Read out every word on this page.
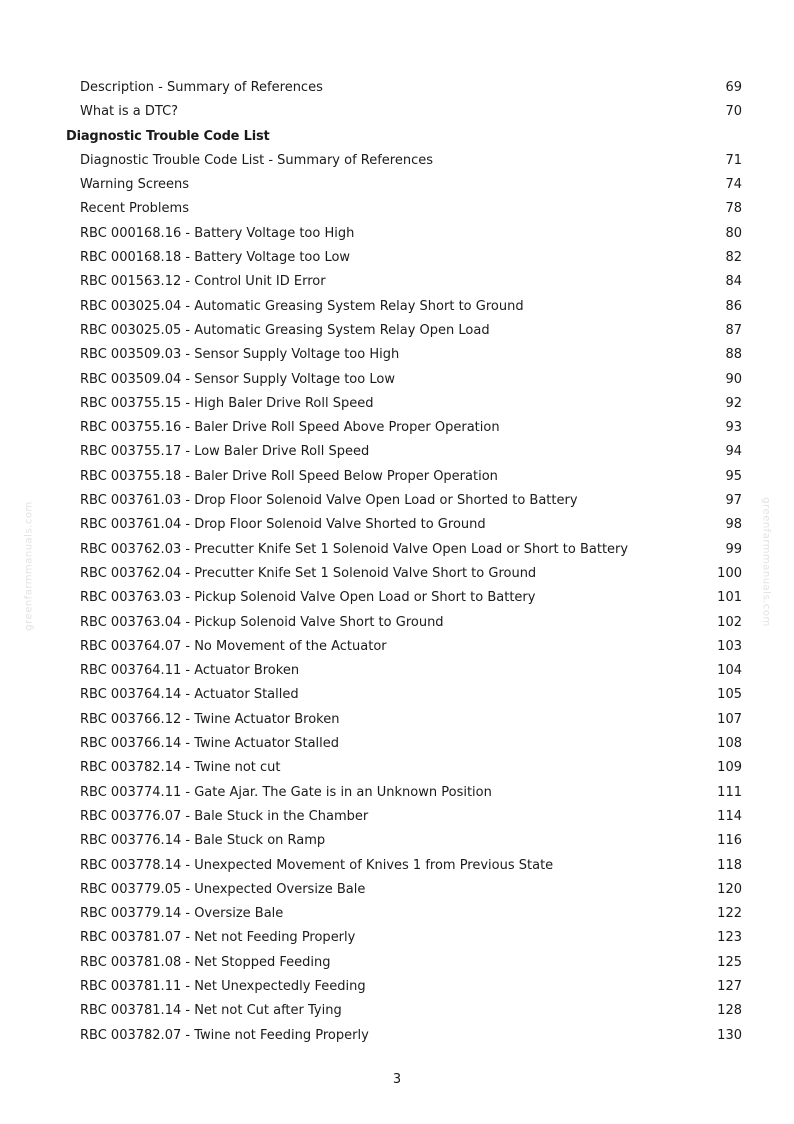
greenfarmmanuals.com	greenfarmmanuals.com
Description - Summary of References	69
What is a DTC?	70
Diagnostic Trouble Code List
Diagnostic Trouble Code List - Summary of References	71
Warning Screens	74
Recent Problems	78
RBC 000168.16 - Battery Voltage too High	80
RBC 000168.18 - Battery Voltage too Low	82
RBC 001563.12 - Control Unit ID Error	84
RBC 003025.04 - Automatic Greasing System Relay Short to Ground	86
RBC 003025.05 - Automatic Greasing System Relay Open Load	87
RBC 003509.03 - Sensor Supply Voltage too High	88
RBC 003509.04 - Sensor Supply Voltage too Low	90
RBC 003755.15 - High Baler Drive Roll Speed	92
RBC 003755.16 - Baler Drive Roll Speed Above Proper Operation	93
RBC 003755.17 - Low Baler Drive Roll Speed	94
RBC 003755.18 - Baler Drive Roll Speed Below Proper Operation	95
RBC 003761.03 - Drop Floor Solenoid Valve Open Load or Shorted to Battery	97
RBC 003761.04 - Drop Floor Solenoid Valve Shorted to Ground	98
RBC 003762.03 - Precutter Knife Set 1 Solenoid Valve Open Load or Short to Battery	99
RBC 003762.04 - Precutter Knife Set 1 Solenoid Valve Short to Ground	100
RBC 003763.03 - Pickup Solenoid Valve Open Load or Short to Battery	101
RBC 003763.04 - Pickup Solenoid Valve Short to Ground	102
RBC 003764.07 - No Movement of the Actuator	103
RBC 003764.11 - Actuator Broken	104
RBC 003764.14 - Actuator Stalled	105
RBC 003766.12 - Twine Actuator Broken	107
RBC 003766.14 - Twine Actuator Stalled	108
RBC 003782.14 - Twine not cut	109
RBC 003774.11 - Gate Ajar. The Gate is in an Unknown Position	111
RBC 003776.07 - Bale Stuck in the Chamber	114
RBC 003776.14 - Bale Stuck on Ramp	116
RBC 003778.14 - Unexpected Movement of Knives 1 from Previous State	118
RBC 003779.05 - Unexpected Oversize Bale	120
RBC 003779.14 - Oversize Bale	122
RBC 003781.07 - Net not Feeding Properly	123
RBC 003781.08 - Net Stopped Feeding	125
RBC 003781.11 - Net Unexpectedly Feeding	127
RBC 003781.14 - Net not Cut after Tying	128
RBC 003782.07 - Twine not Feeding Properly	130
3
